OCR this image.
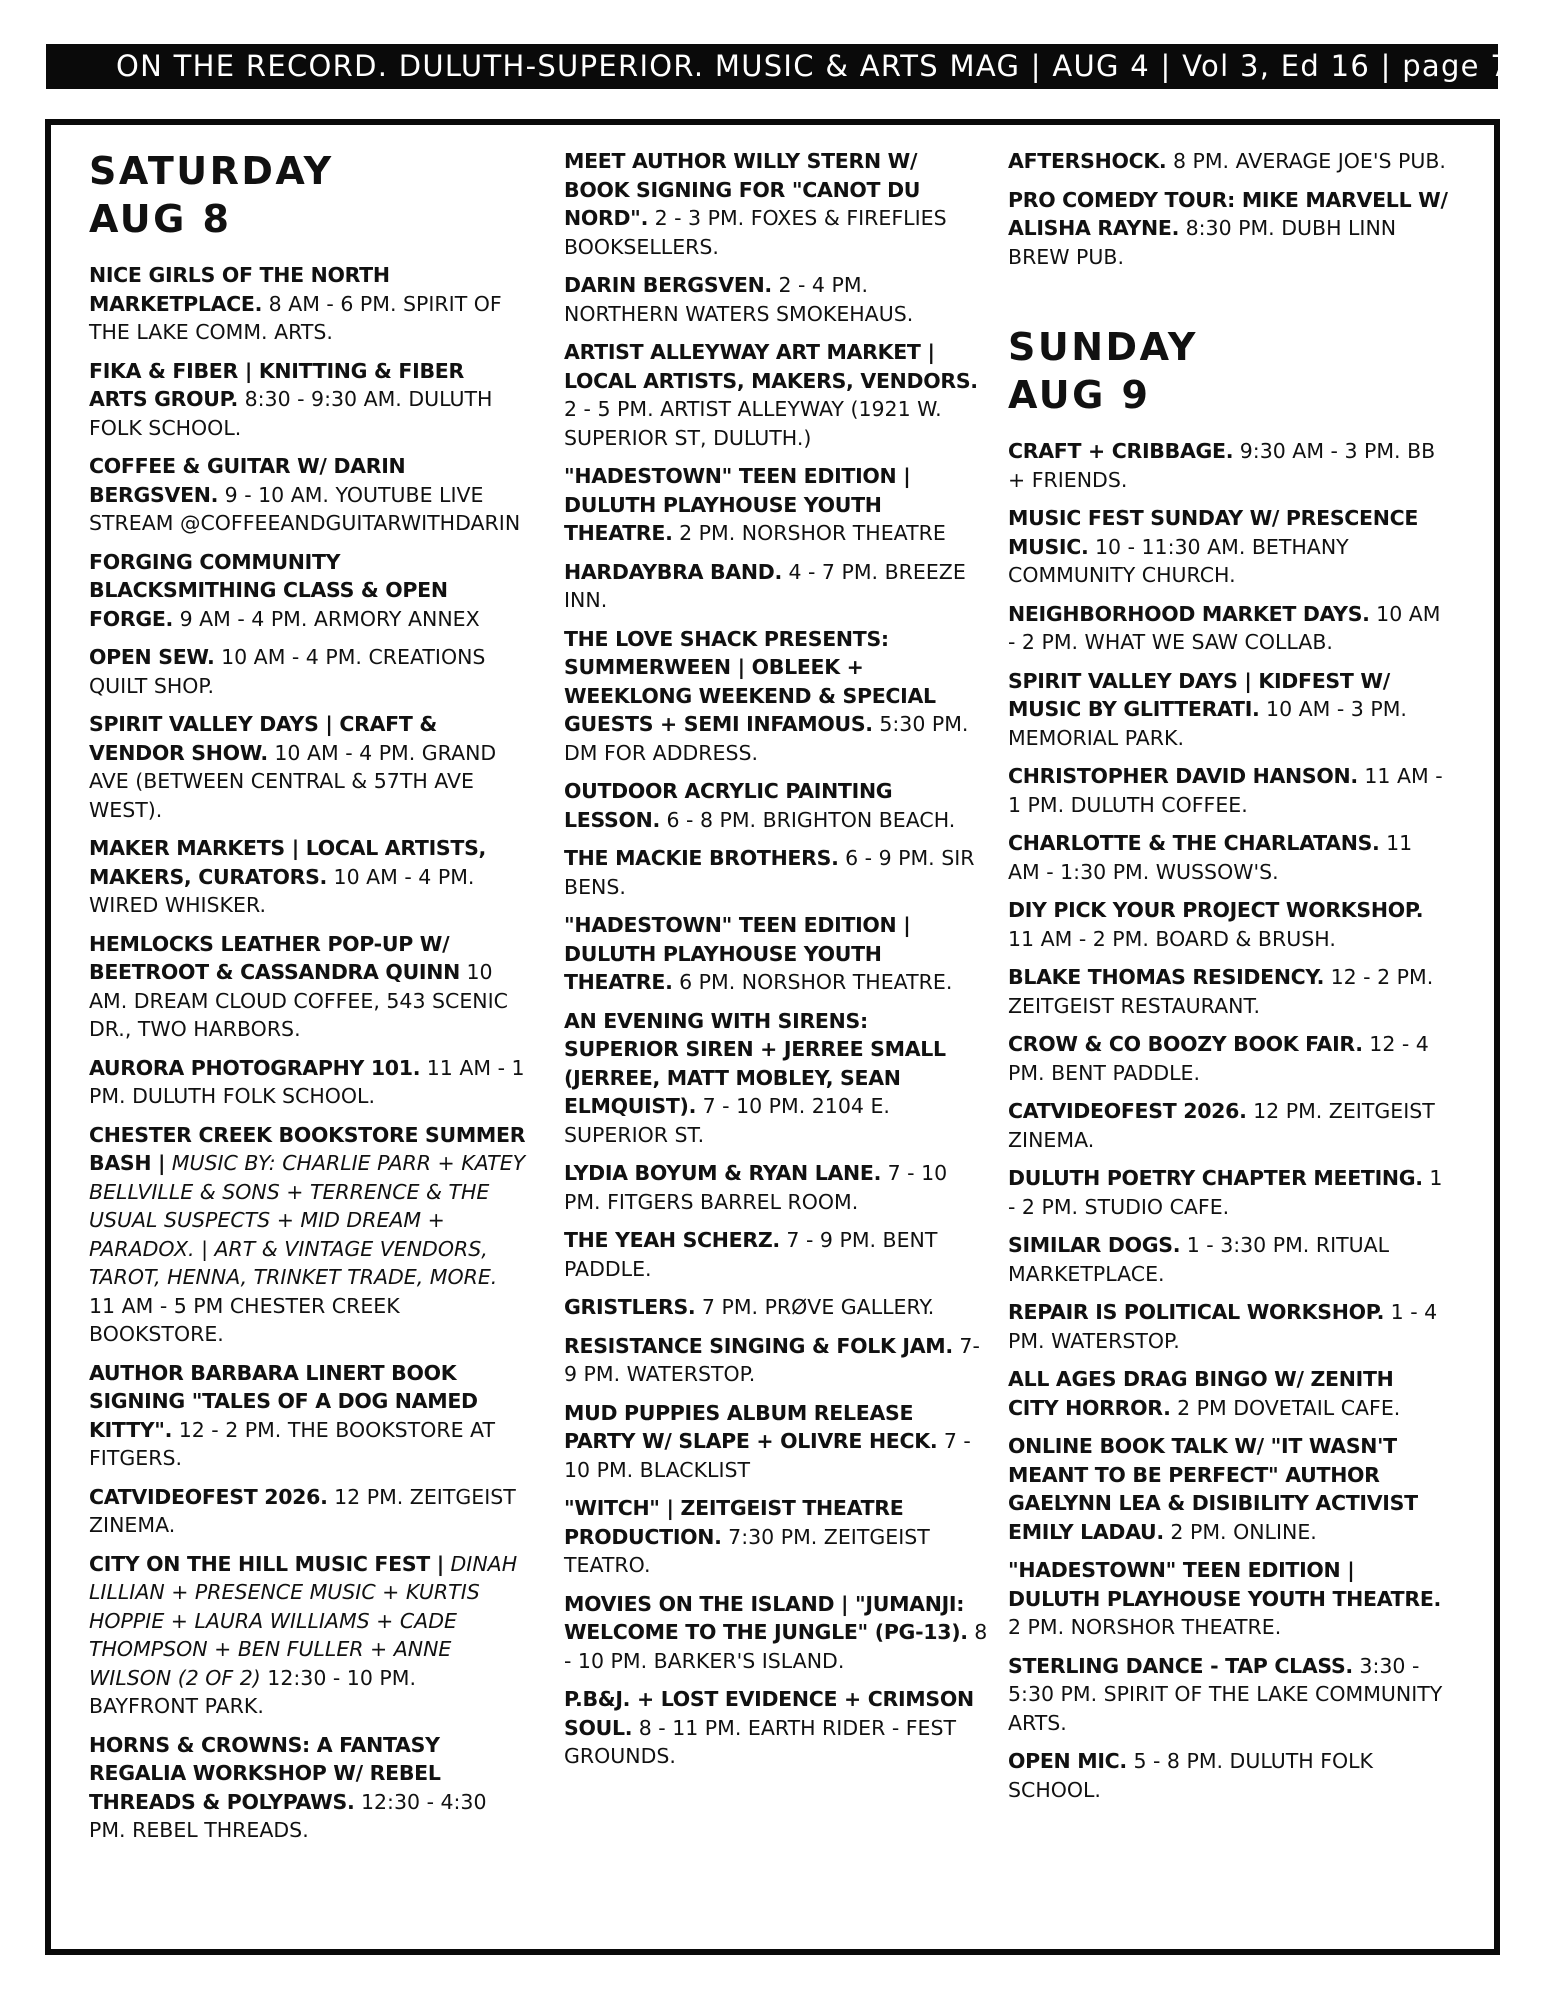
ON THE RECORD. DULUTH-SUPERIOR. MUSIC & ARTS MAG | AUG 4 | Vol 3, Ed 16 | page 7
SATURDAY
AUG 8
NICE GIRLS OF THE NORTH MARKETPLACE. 8 AM - 6 PM. SPIRIT OF THE LAKE COMM. ARTS.
FIKA & FIBER | KNITTING & FIBER ARTS GROUP. 8:30 - 9:30 AM. DULUTH FOLK SCHOOL.
COFFEE & GUITAR W/ DARIN BERGSVEN. 9 - 10 AM. YOUTUBE LIVE STREAM @COFFEEANDGUITARWITHDARIN
FORGING COMMUNITY BLACKSMITHING CLASS & OPEN FORGE. 9 AM - 4 PM. ARMORY ANNEX
OPEN SEW. 10 AM - 4 PM. CREATIONS QUILT SHOP.
SPIRIT VALLEY DAYS | CRAFT & VENDOR SHOW. 10 AM - 4 PM. GRAND AVE (BETWEEN CENTRAL & 57TH AVE WEST).
MAKER MARKETS | LOCAL ARTISTS, MAKERS, CURATORS. 10 AM - 4 PM. WIRED WHISKER.
HEMLOCKS LEATHER POP-UP W/ BEETROOT & CASSANDRA QUINN 10 AM. DREAM CLOUD COFFEE, 543 SCENIC DR., TWO HARBORS.
AURORA PHOTOGRAPHY 101. 11 AM - 1 PM. DULUTH FOLK SCHOOL.
CHESTER CREEK BOOKSTORE SUMMER BASH | MUSIC BY: CHARLIE PARR + KATEY BELLVILLE & SONS + TERRENCE & THE USUAL SUSPECTS + MID DREAM + PARADOX. | ART & VINTAGE VENDORS, TAROT, HENNA, TRINKET TRADE, MORE. 11 AM - 5 PM CHESTER CREEK BOOKSTORE.
AUTHOR BARBARA LINERT BOOK SIGNING "TALES OF A DOG NAMED KITTY". 12 - 2 PM. THE BOOKSTORE AT FITGERS.
CATVIDEOFEST 2026. 12 PM. ZEITGEIST ZINEMA.
CITY ON THE HILL MUSIC FEST | DINAH LILLIAN + PRESENCE MUSIC + KURTIS HOPPIE + LAURA WILLIAMS + CADE THOMPSON + BEN FULLER + ANNE WILSON (2 OF 2) 12:30 - 10 PM. BAYFRONT PARK.
HORNS & CROWNS: A FANTASY REGALIA WORKSHOP W/ REBEL THREADS & POLYPAWS. 12:30 - 4:30 PM. REBEL THREADS.
MEET AUTHOR WILLY STERN W/ BOOK SIGNING FOR "CANOT DU NORD". 2 - 3 PM. FOXES & FIREFLIES BOOKSELLERS.
DARIN BERGSVEN. 2 - 4 PM. NORTHERN WATERS SMOKEHAUS.
ARTIST ALLEYWAY ART MARKET | LOCAL ARTISTS, MAKERS, VENDORS. 2 - 5 PM. ARTIST ALLEYWAY (1921 W. SUPERIOR ST, DULUTH.)
"HADESTOWN" TEEN EDITION | DULUTH PLAYHOUSE YOUTH THEATRE. 2 PM. NORSHOR THEATRE
HARDAYBRA BAND. 4 - 7 PM. BREEZE INN.
THE LOVE SHACK PRESENTS: SUMMERWEEN | OBLEEK + WEEKLONG WEEKEND & SPECIAL GUESTS + SEMI INFAMOUS. 5:30 PM. DM FOR ADDRESS.
OUTDOOR ACRYLIC PAINTING LESSON. 6 - 8 PM. BRIGHTON BEACH.
THE MACKIE BROTHERS. 6 - 9 PM. SIR BENS.
"HADESTOWN" TEEN EDITION | DULUTH PLAYHOUSE YOUTH THEATRE. 6 PM. NORSHOR THEATRE.
AN EVENING WITH SIRENS: SUPERIOR SIREN + JERREE SMALL (JERREE, MATT MOBLEY, SEAN ELMQUIST). 7 - 10 PM. 2104 E. SUPERIOR ST.
LYDIA BOYUM & RYAN LANE. 7 - 10 PM. FITGERS BARREL ROOM.
THE YEAH SCHERZ. 7 - 9 PM. BENT PADDLE.
GRISTLERS. 7 PM. PRØVE GALLERY.
RESISTANCE SINGING & FOLK JAM. 7- 9 PM. WATERSTOP.
MUD PUPPIES ALBUM RELEASE PARTY W/ SLAPE + OLIVRE HECK. 7 - 10 PM. BLACKLIST
"WITCH" | ZEITGEIST THEATRE PRODUCTION. 7:30 PM. ZEITGEIST TEATRO.
MOVIES ON THE ISLAND | "JUMANJI: WELCOME TO THE JUNGLE" (PG-13). 8 - 10 PM. BARKER'S ISLAND.
P.B&J. + LOST EVIDENCE + CRIMSON SOUL. 8 - 11 PM. EARTH RIDER - FEST GROUNDS.
AFTERSHOCK. 8 PM. AVERAGE JOE'S PUB.
PRO COMEDY TOUR: MIKE MARVELL W/ ALISHA RAYNE. 8:30 PM. DUBH LINN BREW PUB.
SUNDAY
AUG 9
CRAFT + CRIBBAGE. 9:30 AM - 3 PM. BB + FRIENDS.
MUSIC FEST SUNDAY W/ PRESCENCE MUSIC. 10 - 11:30 AM. BETHANY COMMUNITY CHURCH.
NEIGHBORHOOD MARKET DAYS. 10 AM - 2 PM. WHAT WE SAW COLLAB.
SPIRIT VALLEY DAYS | KIDFEST W/ MUSIC BY GLITTERATI. 10 AM - 3 PM. MEMORIAL PARK.
CHRISTOPHER DAVID HANSON. 11 AM - 1 PM. DULUTH COFFEE.
CHARLOTTE & THE CHARLATANS. 11 AM - 1:30 PM. WUSSOW'S.
DIY PICK YOUR PROJECT WORKSHOP. 11 AM - 2 PM. BOARD & BRUSH.
BLAKE THOMAS RESIDENCY. 12 - 2 PM. ZEITGEIST RESTAURANT.
CROW & CO BOOZY BOOK FAIR. 12 - 4 PM. BENT PADDLE.
CATVIDEOFEST 2026. 12 PM. ZEITGEIST ZINEMA.
DULUTH POETRY CHAPTER MEETING. 1 - 2 PM. STUDIO CAFE.
SIMILAR DOGS. 1 - 3:30 PM. RITUAL MARKETPLACE.
REPAIR IS POLITICAL WORKSHOP. 1 - 4 PM. WATERSTOP.
ALL AGES DRAG BINGO W/ ZENITH CITY HORROR. 2 PM DOVETAIL CAFE.
ONLINE BOOK TALK W/ "IT WASN'T MEANT TO BE PERFECT" AUTHOR GAELYNN LEA & DISIBILITY ACTIVIST EMILY LADAU. 2 PM. ONLINE.
"HADESTOWN" TEEN EDITION | DULUTH PLAYHOUSE YOUTH THEATRE. 2 PM. NORSHOR THEATRE.
STERLING DANCE - TAP CLASS. 3:30 - 5:30 PM. SPIRIT OF THE LAKE COMMUNITY ARTS.
OPEN MIC. 5 - 8 PM. DULUTH FOLK SCHOOL.
